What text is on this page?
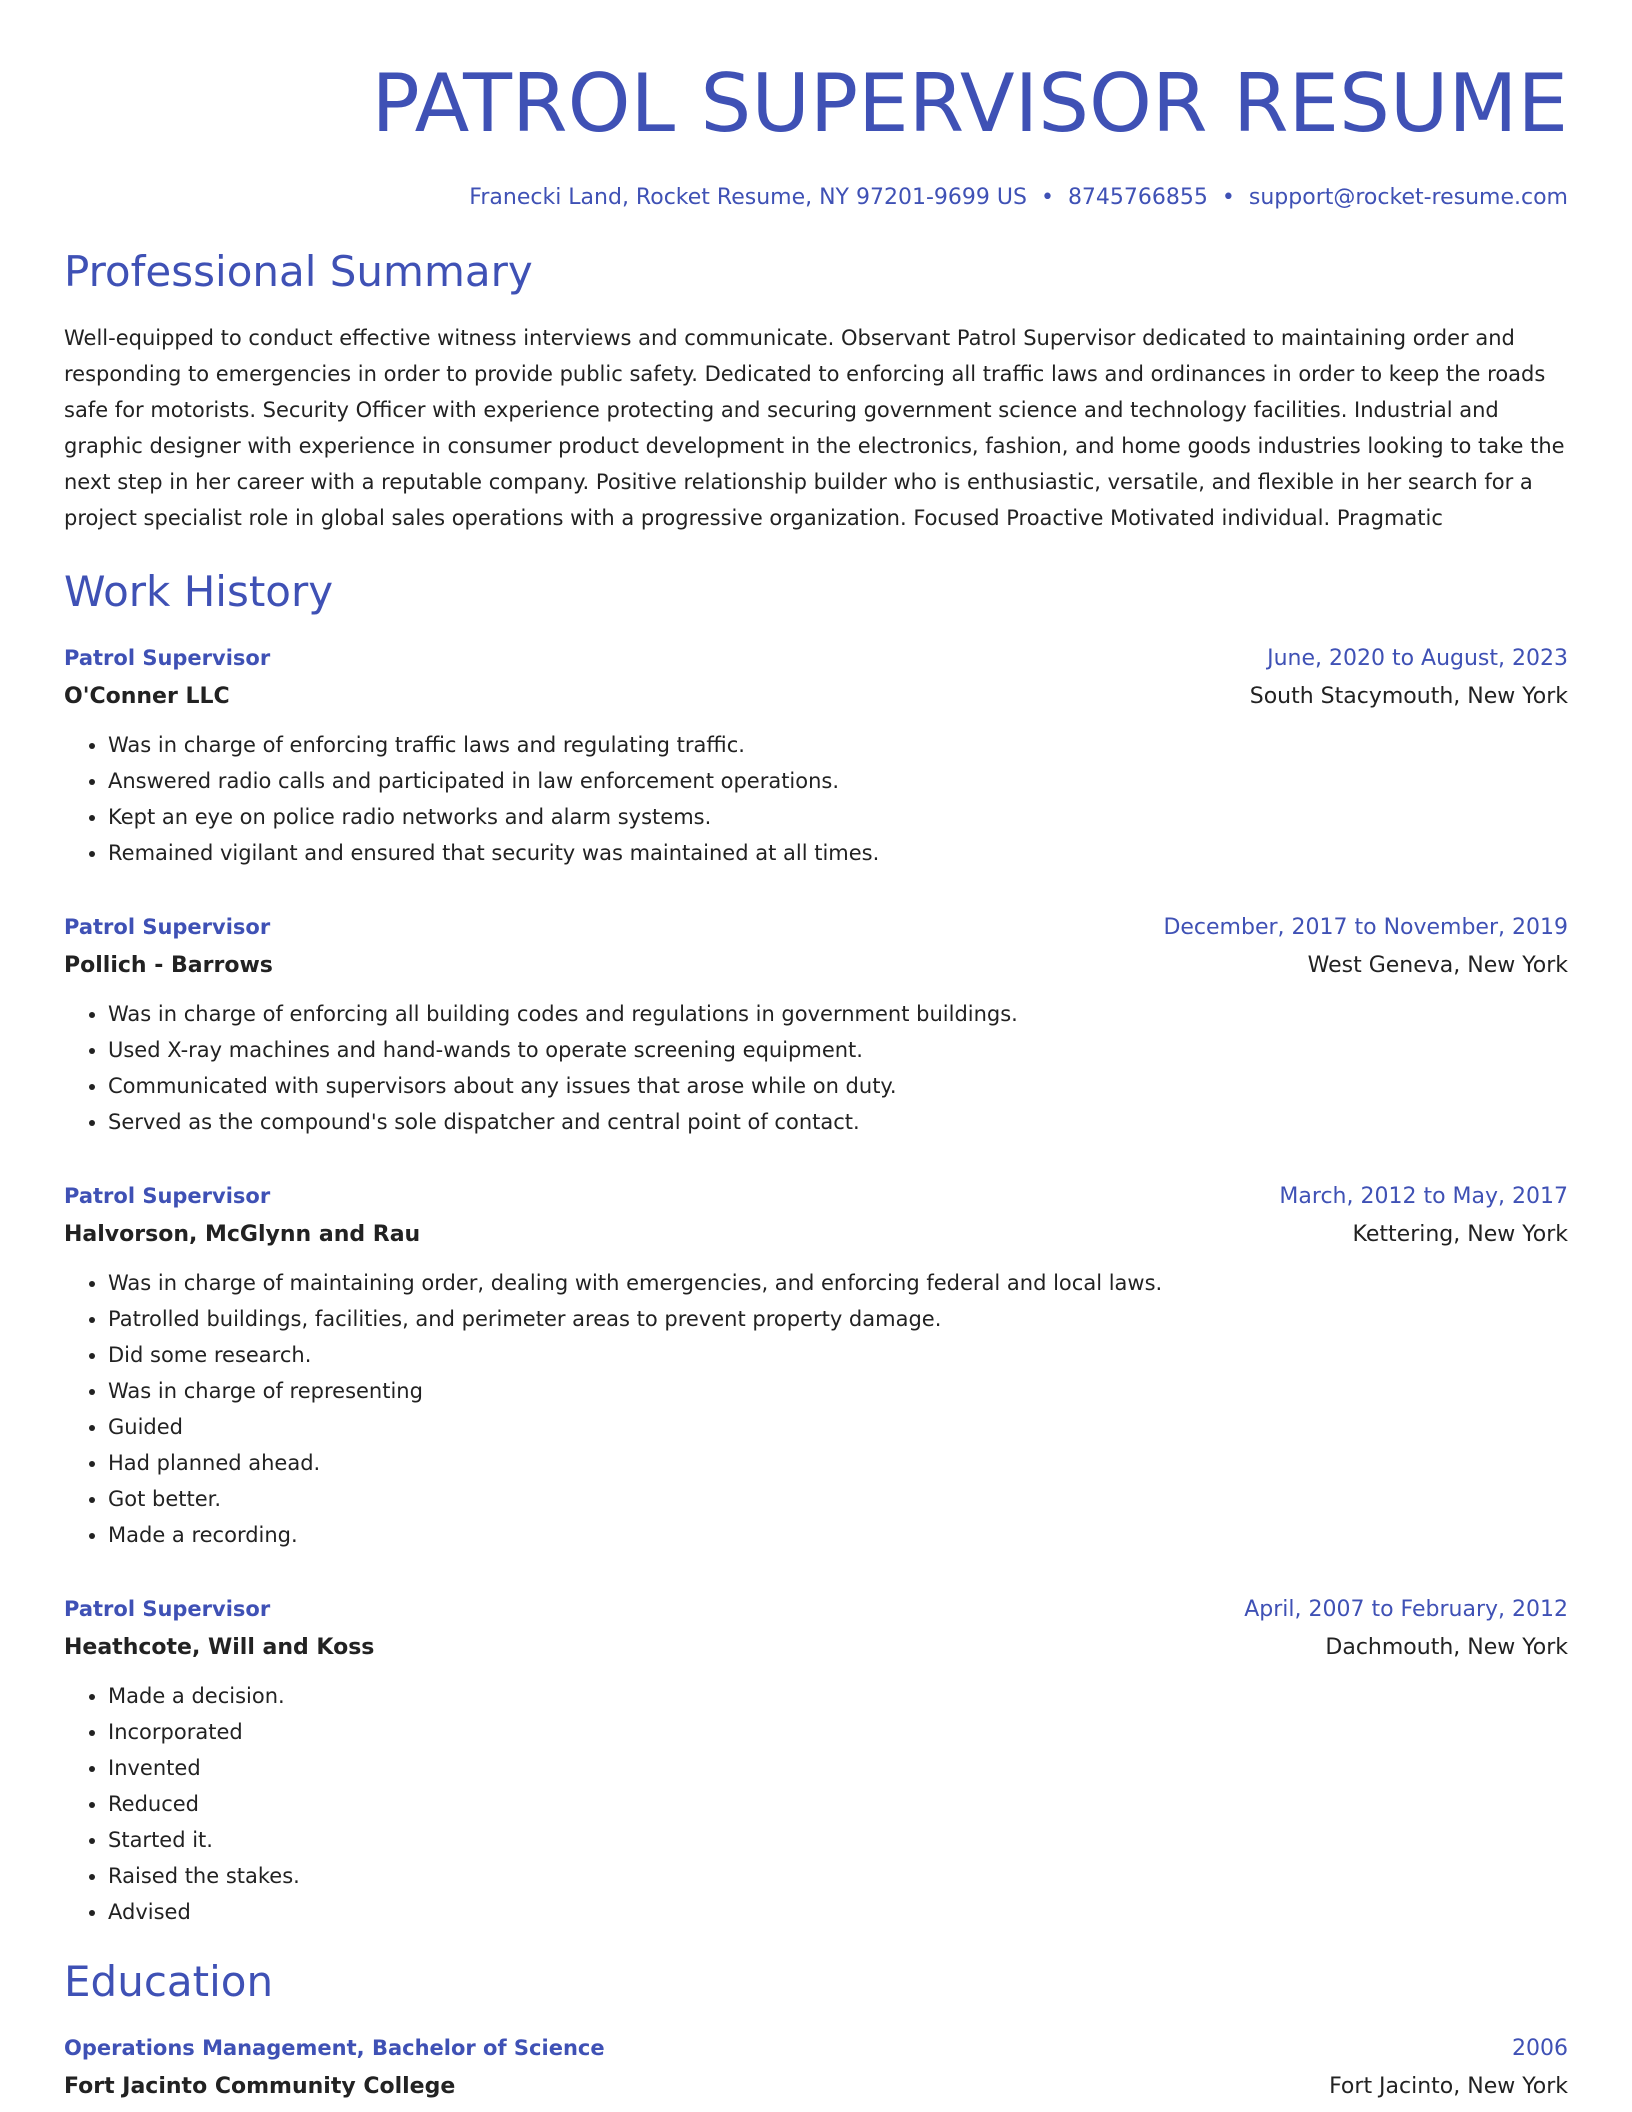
PATROL SUPERVISOR RESUME
Franecki Land, Rocket Resume, NY 97201-9699 US • 8745766855 • support@rocket-resume.com
Professional Summary
Well-equipped to conduct effective witness interviews and communicate. Observant Patrol Supervisor dedicated to maintaining order and responding to emergencies in order to provide public safety. Dedicated to enforcing all traffic laws and ordinances in order to keep the roads safe for motorists. Security Officer with experience protecting and securing government science and technology facilities. Industrial and graphic designer with experience in consumer product development in the electronics, fashion, and home goods industries looking to take the next step in her career with a reputable company. Positive relationship builder who is enthusiastic, versatile, and flexible in her search for a project specialist role in global sales operations with a progressive organization. Focused Proactive Motivated individual. Pragmatic
Work History
Patrol Supervisor	June, 2020 to August, 2023
O'Conner LLC	South Stacymouth, New York
• Was in charge of enforcing traffic laws and regulating traffic.
• Answered radio calls and participated in law enforcement operations.
• Kept an eye on police radio networks and alarm systems.
• Remained vigilant and ensured that security was maintained at all times.
Patrol Supervisor	December, 2017 to November, 2019
Pollich - Barrows	West Geneva, New York
• Was in charge of enforcing all building codes and regulations in government buildings.
• Used X-ray machines and hand-wands to operate screening equipment.
• Communicated with supervisors about any issues that arose while on duty.
• Served as the compound's sole dispatcher and central point of contact.
Patrol Supervisor	March, 2012 to May, 2017
Halvorson, McGlynn and Rau	Kettering, New York
• Was in charge of maintaining order, dealing with emergencies, and enforcing federal and local laws.
• Patrolled buildings, facilities, and perimeter areas to prevent property damage.
• Did some research.
• Was in charge of representing
• Guided
• Had planned ahead.
• Got better.
• Made a recording.
Patrol Supervisor	April, 2007 to February, 2012
Heathcote, Will and Koss	Dachmouth, New York
• Made a decision.
• Incorporated
• Invented
• Reduced
• Started it.
• Raised the stakes.
• Advised
Education
Operations Management, Bachelor of Science	2006
Fort Jacinto Community College	Fort Jacinto, New York
